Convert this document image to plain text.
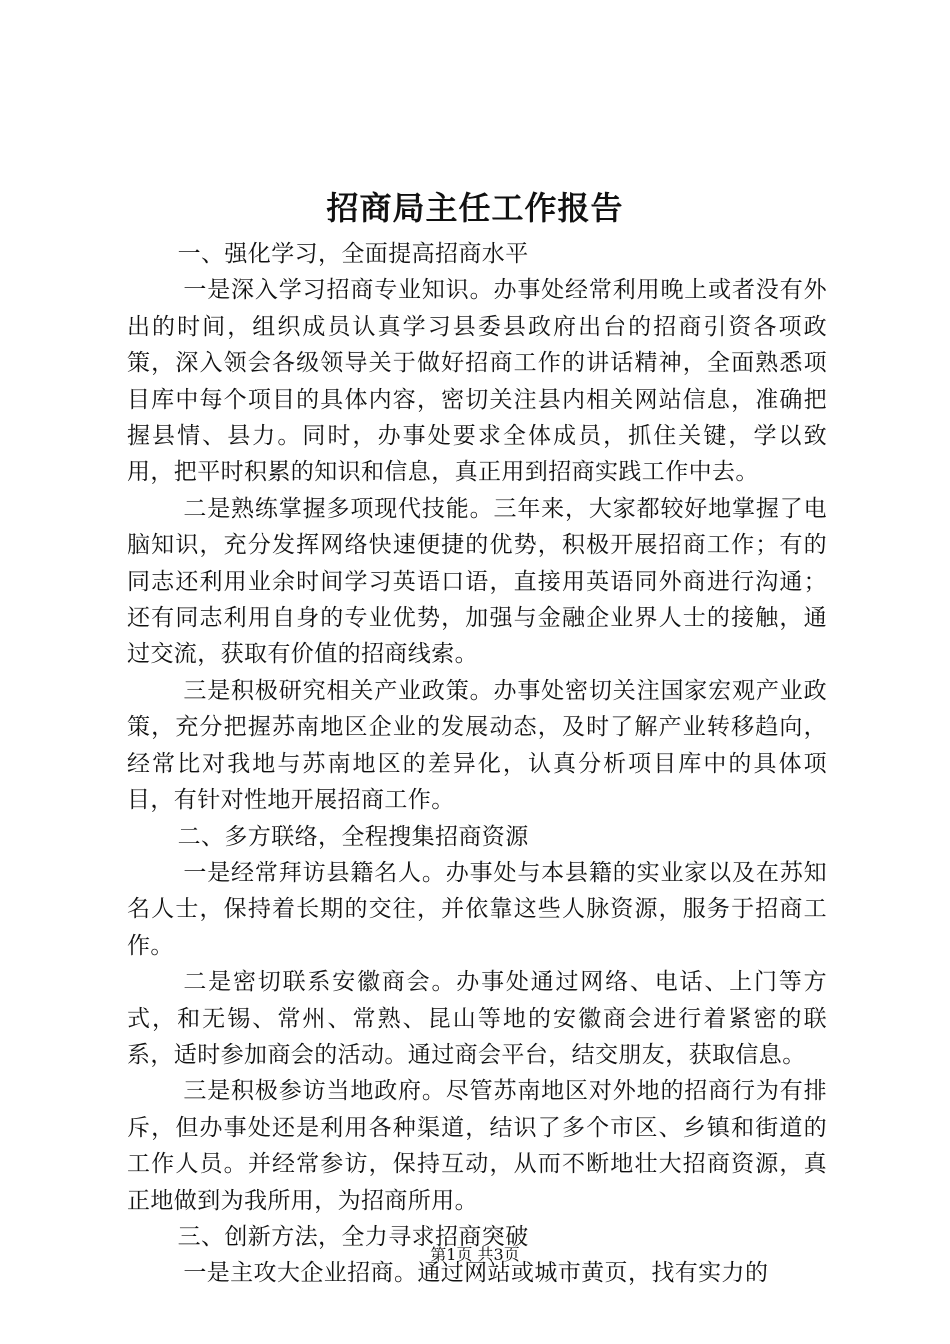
招商局主任工作报告

一、强化学习，全面提高招商水平

一是深入学习招商专业知识。办事处经常利用晚上或者没有外出的时间，组织成员认真学习县委县政府出台的招商引资各项政策，深入领会各级领导关于做好招商工作的讲话精神，全面熟悉项目库中每个项目的具体内容，密切关注县内相关网站信息，准确把握县情、县力。同时，办事处要求全体成员，抓住关键，学以致用，把平时积累的知识和信息，真正用到招商实践工作中去。

二是熟练掌握多项现代技能。三年来，大家都较好地掌握了电脑知识，充分发挥网络快速便捷的优势，积极开展招商工作；有的同志还利用业余时间学习英语口语，直接用英语同外商进行沟通；还有同志利用自身的专业优势，加强与金融企业界人士的接触，通过交流，获取有价值的招商线索。

三是积极研究相关产业政策。办事处密切关注国家宏观产业政策，充分把握苏南地区企业的发展动态，及时了解产业转移趋向，经常比对我地与苏南地区的差异化，认真分析项目库中的具体项目，有针对性地开展招商工作。

二、多方联络，全程搜集招商资源

一是经常拜访县籍名人。办事处与本县籍的实业家以及在苏知名人士，保持着长期的交往，并依靠这些人脉资源，服务于招商工作。

二是密切联系安徽商会。办事处通过网络、电话、上门等方式，和无锡、常州、常熟、昆山等地的安徽商会进行着紧密的联系，适时参加商会的活动。通过商会平台，结交朋友，获取信息。

三是积极参访当地政府。尽管苏南地区对外地的招商行为有排斥，但办事处还是利用各种渠道，结识了多个市区、乡镇和街道的工作人员。并经常参访，保持互动，从而不断地壮大招商资源，真正地做到为我所用，为招商所用。

三、创新方法，全力寻求招商突破

一是主攻大企业招商。通过网站或城市黄页，找有实力的

第1页 共3页
